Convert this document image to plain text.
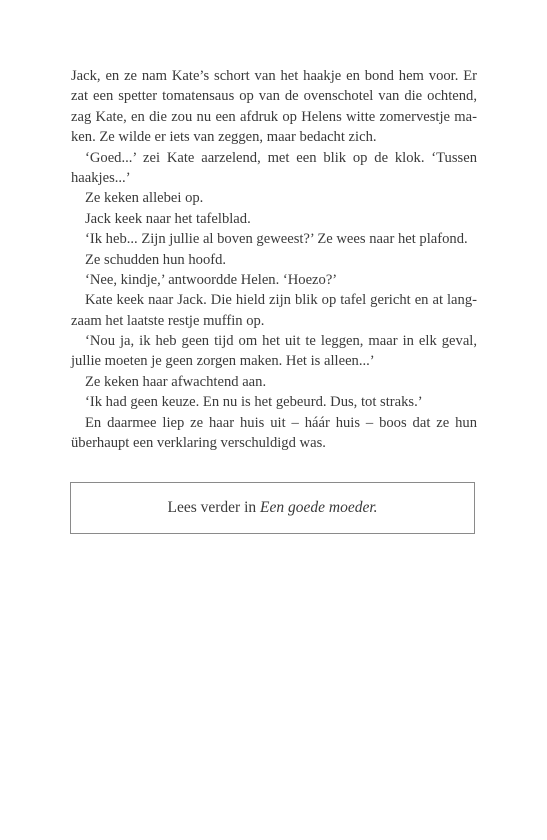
Jack, en ze nam Kate’s schort van het haakje en bond hem voor. Er
zat een spetter tomatensaus op van de ovenschotel van die ochtend,
zag Kate, en die zou nu een afdruk op Helens witte zomervestje ma-
ken. Ze wilde er iets van zeggen, maar bedacht zich.
‘Goed...’ zei Kate aarzelend, met een blik op de klok. ‘Tussen
haakjes...’
Ze keken allebei op.
Jack keek naar het tafelblad.
‘Ik heb... Zijn jullie al boven geweest?’ Ze wees naar het plafond.
Ze schudden hun hoofd.
‘Nee, kindje,’ antwoordde Helen. ‘Hoezo?’
Kate keek naar Jack. Die hield zijn blik op tafel gericht en at lang-
zaam het laatste restje muffin op.
‘Nou ja, ik heb geen tijd om het uit te leggen, maar in elk geval,
jullie moeten je geen zorgen maken. Het is alleen...’
Ze keken haar afwachtend aan.
‘Ik had geen keuze. En nu is het gebeurd. Dus, tot straks.’
En daarmee liep ze haar huis uit – háár huis – boos dat ze hun
überhaupt een verklaring verschuldigd was.
Lees verder in Een goede moeder.
